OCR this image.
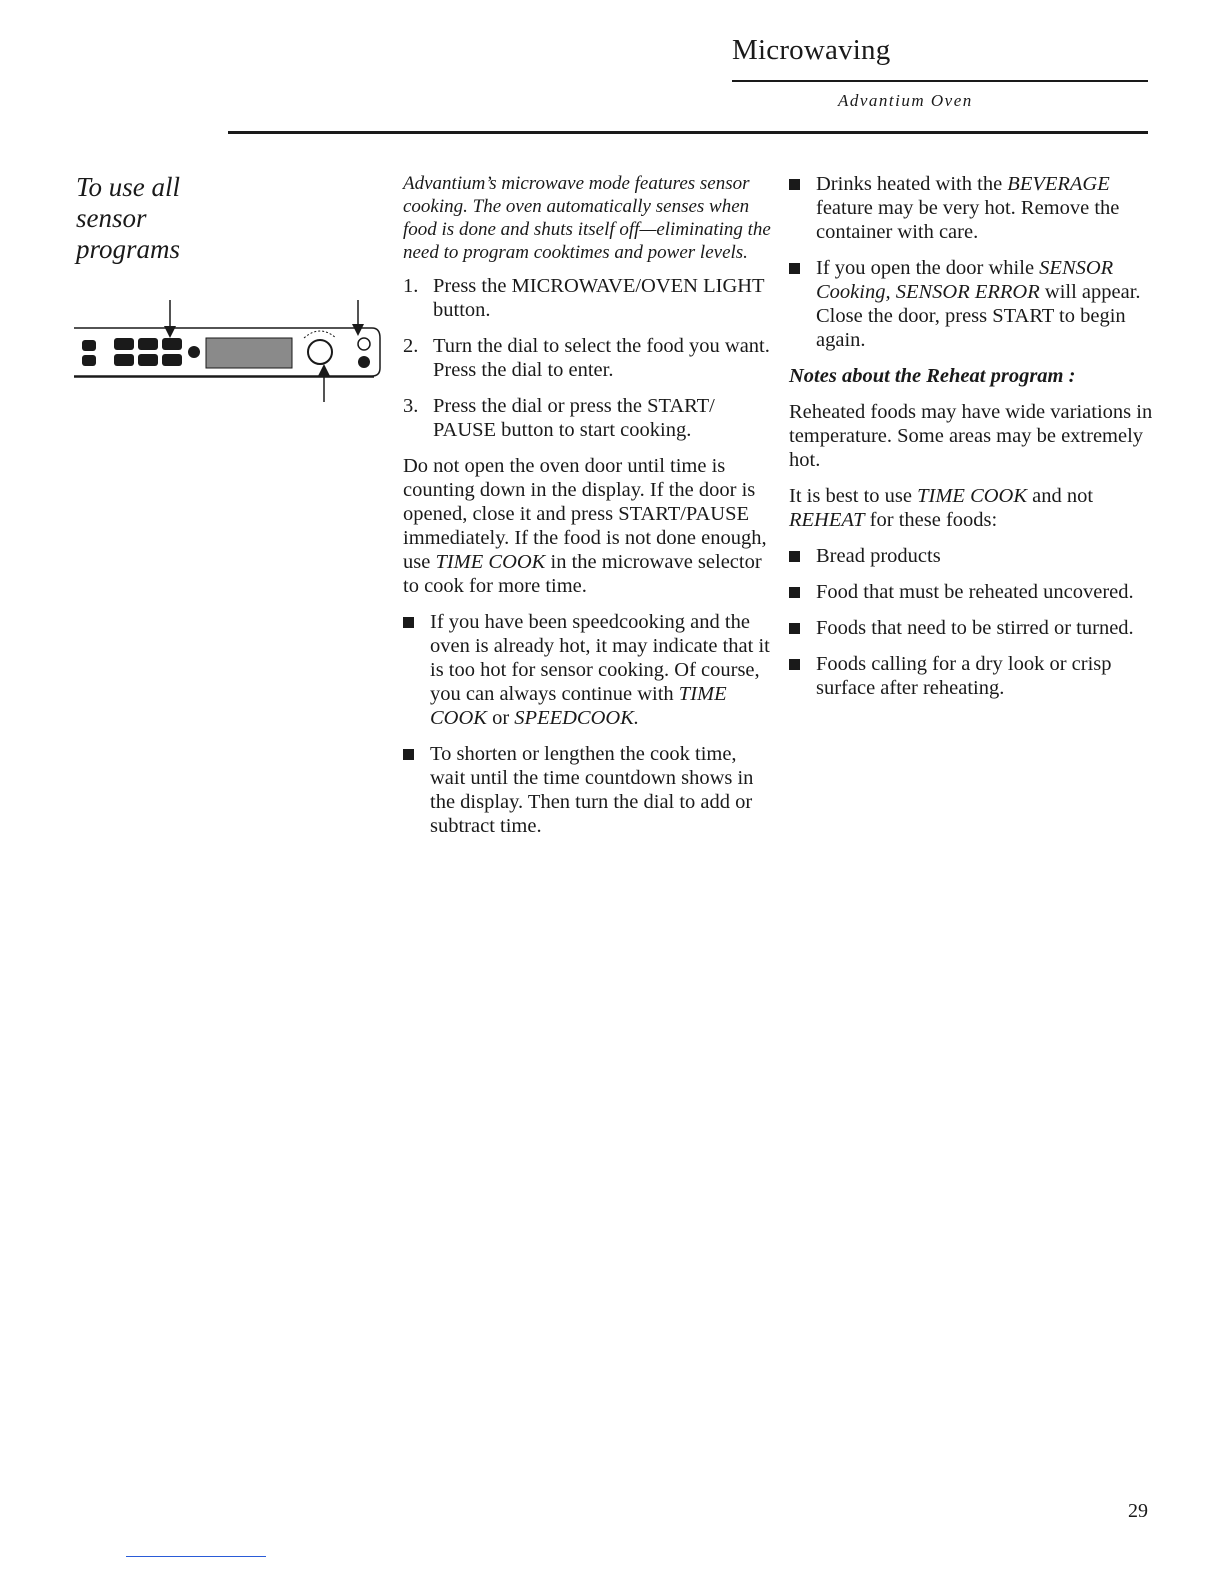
Microwaving
Advantium Oven
To use all
sensor
programs

Advantium’s microwave mode features sensor cooking. The oven automatically senses when food is done and shuts itself off—eliminating the need to program cooktimes and power levels.

1. Press the MICROWAVE/OVEN LIGHT button.

2. Turn the dial to select the food you want. Press the dial to enter.

3. Press the dial or press the START/ PAUSE button to start cooking.

Do not open the oven door until time is counting down in the display. If the door is opened, close it and press START/PAUSE immediately. If the food is not done enough, use TIME COOK in the microwave selector to cook for more time.

If you have been speedcooking and the oven is already hot, it may indicate that it is too hot for sensor cooking. Of course, you can always continue with TIME COOK or SPEEDCOOK.

To shorten or lengthen the cook time, wait until the time countdown shows in the display. Then turn the dial to add or subtract time.

Drinks heated with the BEVERAGE feature may be very hot. Remove the container with care.

If you open the door while SENSOR Cooking, SENSOR ERROR will appear. Close the door, press START to begin again.

Notes about the Reheat program :

Reheated foods may have wide variations in temperature. Some areas may be extremely hot.

It is best to use TIME COOK and not REHEAT for these foods:

Bread products

Food that must be reheated uncovered.

Foods that need to be stirred or turned.

Foods calling for a dry look or crisp surface after reheating.

29
